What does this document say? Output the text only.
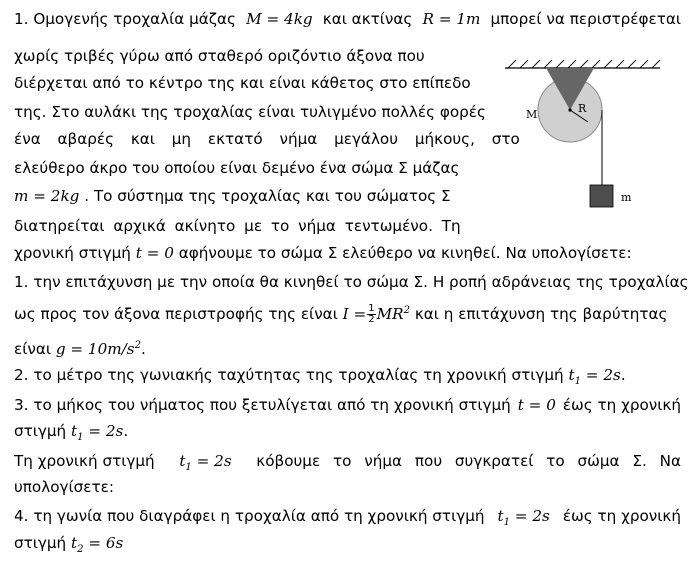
1. Ομογενής τροχαλία μάζας M = 4kg και ακτίνας R = 1m μπορεί να περιστρέφεται
χωρίς τριβές γύρω από σταθερό οριζόντιο άξονα που
διέρχεται από το κέντρο της και είναι κάθετος στο επίπεδο
της. Στο αυλάκι της τροχαλίας είναι τυλιγμένο πολλές φορές
ένα αβαρές και μη εκτατό νήμα μεγάλου μήκους, στο
ελεύθερο άκρο του οποίου είναι δεμένο ένα σώμα Σ μάζας
m = 2kg . Το σύστημα της τροχαλίας και του σώματος Σ
διατηρείται αρχικά ακίνητο με το νήμα τεντωμένο. Τη
χρονική στιγμή t = 0 αφήνουμε το σώμα Σ ελεύθερο να κινηθεί. Να υπολογίσετε:
1. την επιτάχυνση με την οποία θα κινηθεί το σώμα Σ. Η ροπή αδράνειας της τροχαλίας
ως προς τον άξονα περιστροφής της είναι $I = \frac{1}{2} MR^2$ και η επιτάχυνση της βαρύτητας
είναι $g = 10m/s^2$.
2. το μέτρο της γωνιακής ταχύτητας της τροχαλίας τη χρονική στιγμή $t_1 = 2s$.
3. το μήκος του νήματος που ξετυλίγεται από τη χρονική στιγμή t = 0 έως τη χρονική
στιγμή $t_1 = 2s$.
Τη χρονική στιγμή $t_1 = 2s$ κόβουμε το νήμα που συγκρατεί το σώμα Σ. Να
υπολογίσετε:
4. τη γωνία που διαγράφει η τροχαλία από τη χρονική στιγμή $t_1 = 2s$ έως τη χρονική
στιγμή $t_2 = 6s$
R
M
m
